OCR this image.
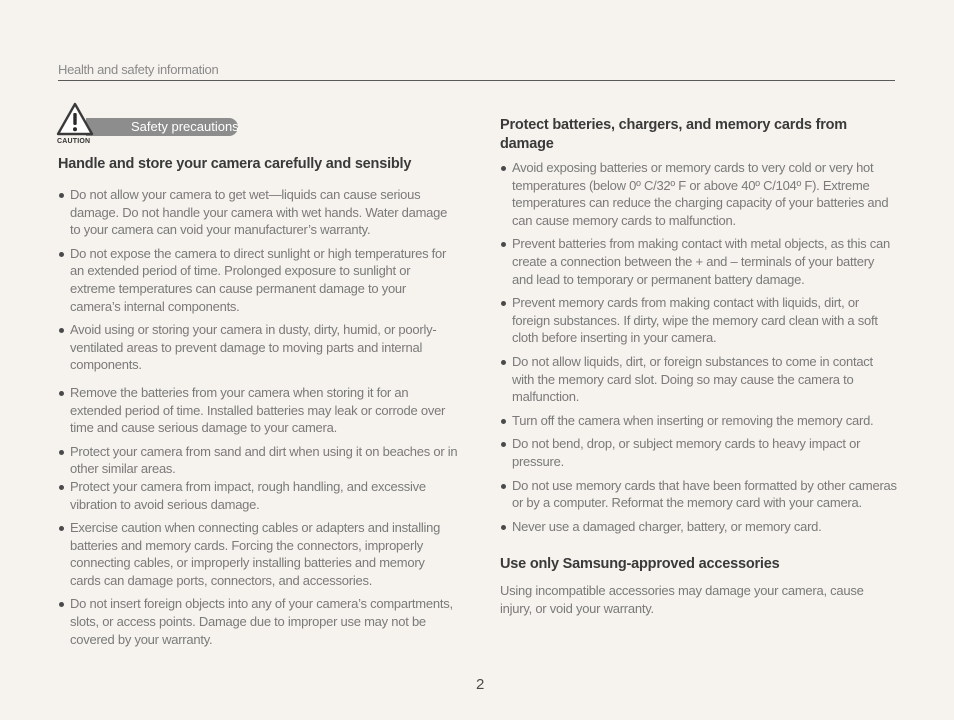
Health and safety information
Safety precautions
CAUTION
Handle and store your camera carefully and sensibly
Do not allow your camera to get wet—liquids can cause serious damage. Do not handle your camera with wet hands. Water damage to your camera can void your manufacturer’s warranty.
Do not expose the camera to direct sunlight or high temperatures for an extended period of time. Prolonged exposure to sunlight or extreme temperatures can cause permanent damage to your camera’s internal components.
Avoid using or storing your camera in dusty, dirty, humid, or poorly-ventilated areas to prevent damage to moving parts and internal components.
Remove the batteries from your camera when storing it for an extended period of time. Installed batteries may leak or corrode over time and cause serious damage to your camera.
Protect your camera from sand and dirt when using it on beaches or in other similar areas.
Protect your camera from impact, rough handling, and excessive vibration to avoid serious damage.
Exercise caution when connecting cables or adapters and installing batteries and memory cards. Forcing the connectors, improperly connecting cables, or improperly installing batteries and memory cards can damage ports, connectors, and accessories.
Do not insert foreign objects into any of your camera’s compartments, slots, or access points. Damage due to improper use may not be covered by your warranty.
Protect batteries, chargers, and memory cards from damage
Avoid exposing batteries or memory cards to very cold or very hot temperatures (below 0º C/32º F or above 40º C/104º F). Extreme temperatures can reduce the charging capacity of your batteries and can cause memory cards to malfunction.
Prevent batteries from making contact with metal objects, as this can create a connection between the + and – terminals of your battery and lead to temporary or permanent battery damage.
Prevent memory cards from making contact with liquids, dirt, or foreign substances. If dirty, wipe the memory card clean with a soft cloth before inserting in your camera.
Do not allow liquids, dirt, or foreign substances to come in contact with the memory card slot. Doing so may cause the camera to malfunction.
Turn off the camera when inserting or removing the memory card.
Do not bend, drop, or subject memory cards to heavy impact or pressure.
Do not use memory cards that have been formatted by other cameras or by a computer. Reformat the memory card with your camera.
Never use a damaged charger, battery, or memory card.
Use only Samsung-approved accessories

Using incompatible accessories may damage your camera, cause injury, or void your warranty.

2
